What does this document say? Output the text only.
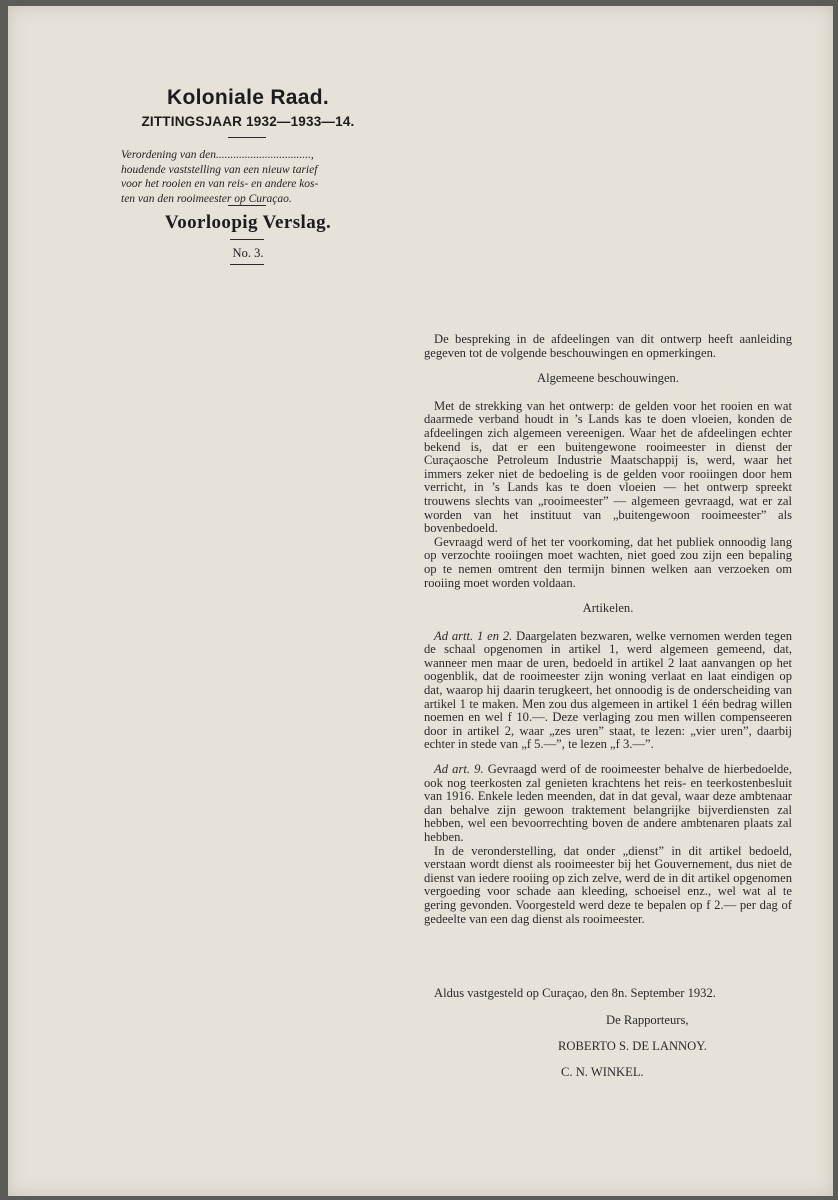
Koloniale Raad.
ZITTINGSJAAR 1932—1933—14.
Verordening van den.................................,
houdende vaststelling van een nieuw tarief
voor het rooien en van reis- en andere kos-
ten van den rooimeester op Curaçao.
Voorloopig Verslag.
No. 3.

De bespreking in de afdeelingen van dit ontwerp heeft aanleiding gegeven tot de volgende beschouwingen en opmerkingen.

Algemeene beschouwingen.

Met de strekking van het ontwerp: de gelden voor het rooien en wat daarmede verband houdt in ’s Lands kas te doen vloeien, konden de afdeelingen zich algemeen vereenigen. Waar het de afdeelingen echter bekend is, dat er een buitengewone rooimeester in dienst der Curaçaosche Petroleum Industrie Maatschappij is, werd, waar het immers zeker niet de bedoeling is de gelden voor rooiingen door hem verricht, in ’s Lands kas te doen vloeien — het ontwerp spreekt trouwens slechts van „rooimeester” — algemeen gevraagd, wat er zal worden van het instituut van „buitengewoon rooimeester” als bovenbedoeld.

Gevraagd werd of het ter voorkoming, dat het publiek onnoodig lang op verzochte rooiingen moet wachten, niet goed zou zijn een bepaling op te nemen omtrent den termijn binnen welken aan verzoeken om rooiing moet worden voldaan.

Artikelen.

Ad artt. 1 en 2. Daargelaten bezwaren, welke vernomen werden tegen de schaal opgenomen in artikel 1, werd algemeen gemeend, dat, wanneer men maar de uren, bedoeld in artikel 2 laat aanvangen op het oogenblik, dat de rooimeester zijn woning verlaat en laat eindigen op dat, waarop hij daarin terugkeert, het onnoodig is de onderscheiding van artikel 1 te maken. Men zou dus algemeen in artikel 1 één bedrag willen noemen en wel f 10.—. Deze verlaging zou men willen compenseeren door in artikel 2, waar „zes uren” staat, te lezen: „vier uren”, daarbij echter in stede van „f 5.—”, te lezen „f 3.—”.

Ad art. 9. Gevraagd werd of de rooimeester behalve de hierbedoelde, ook nog teerkosten zal genieten krachtens het reis- en teerkostenbesluit van 1916. Enkele leden meenden, dat in dat geval, waar deze ambtenaar dan behalve zijn gewoon traktement belangrijke bijverdiensten zal hebben, wel een bevoorrechting boven de andere ambtenaren plaats zal hebben.

In de veronderstelling, dat onder „dienst” in dit artikel bedoeld, verstaan wordt dienst als rooimeester bij het Gouvernement, dus niet de dienst van iedere rooiing op zich zelve, werd de in dit artikel opgenomen vergoeding voor schade aan kleeding, schoeisel enz., wel wat al te gering gevonden. Voorgesteld werd deze te bepalen op f 2.— per dag of gedeelte van een dag dienst als rooimeester.

Aldus vastgesteld op Curaçao, den 8n. September 1932.
De Rapporteurs,
ROBERTO S. DE LANNOY.
C. N. WINKEL.
